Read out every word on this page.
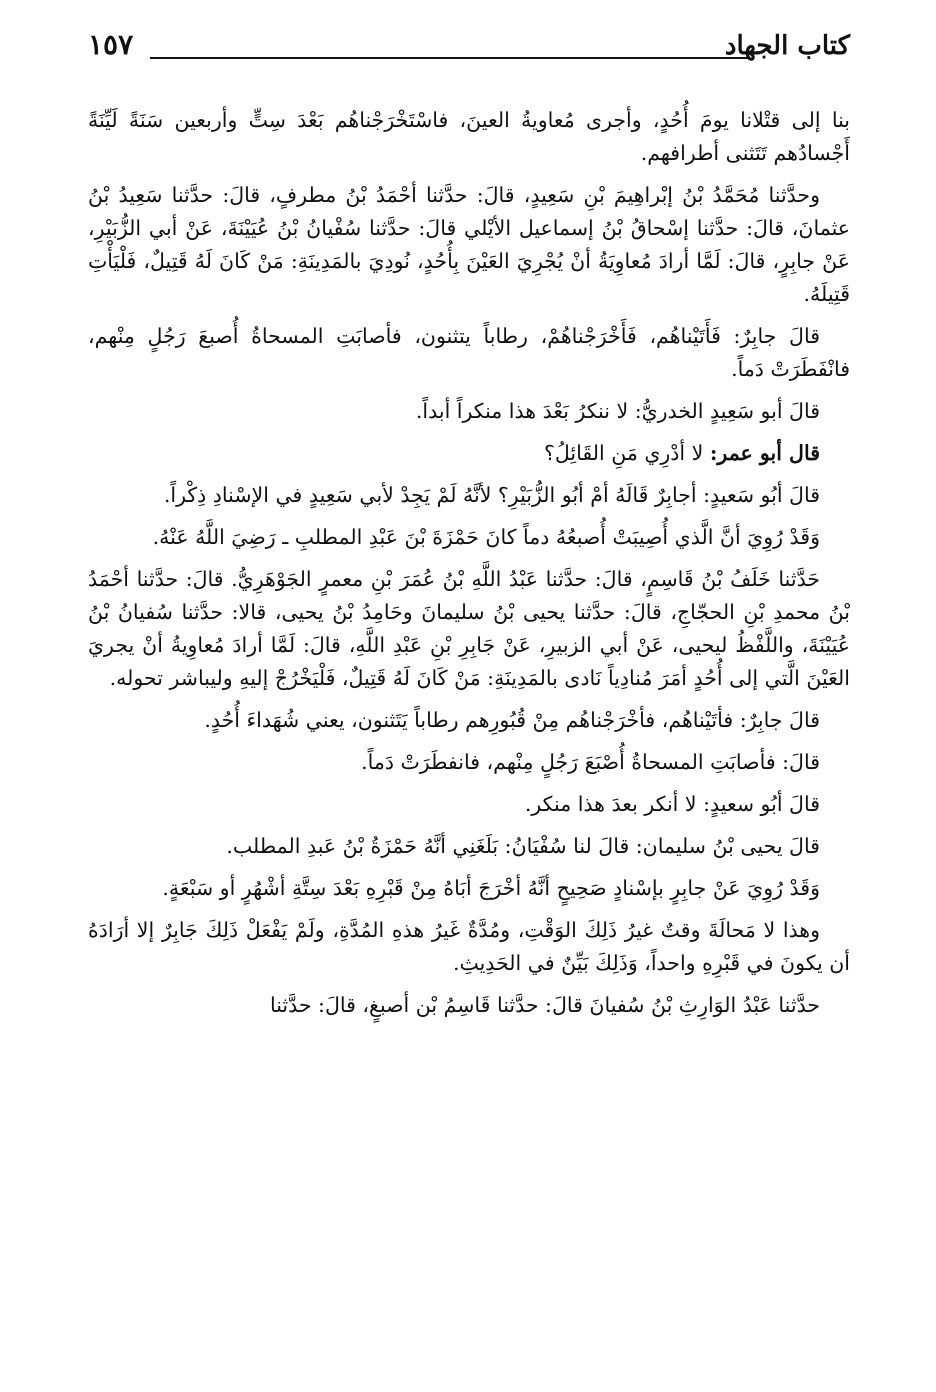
كتاب الجهاد
١٥٧

بنا إلى قتْلانا يومَ أُحُدٍ، وأجرى مُعاويةُ العينَ، فاسْتَخْرَجْناهُم بَعْدَ سِتٍّ وأربعين سَنَةً لَيِّنَةً أَجْسادُهم تَتَثنى أطرافهم.

وحدَّثنا مُحَمَّدُ بْنُ إبْراهِيمَ بْنِ سَعِيدٍ، قالَ: حدَّثنا أحْمَدُ بْنُ مطرفٍ، قالَ: حدَّثنا سَعِيدُ بْنُ عثمانَ، قالَ: حدَّثنا إسْحاقُ بْنُ إسماعيل الأيْلي قالَ: حدَّثنا سُفْيانُ بْنُ عُيَيْنَةَ، عَنْ أبي الزُّبَيْرِ، عَنْ جابِرٍ، قالَ: لَمَّا أرادَ مُعاوِيَةُ أنْ يُجْرِيَ العَيْنَ بِأُحُدٍ، نُودِيَ بالمَدِينَةِ: مَنْ كَانَ لَهُ قَتِيلٌ، فَلْيَأْتِ قَتِيلَهُ.

قالَ جابِرٌ: فَأَتَيْناهُم، فَأَخْرَجْناهُمْ، رطاباً يتثنون، فأصابَتِ المسحاةُ أُصبعَ رَجُلٍ مِنْهم، فانْفَطَرَتْ دَماً.

قالَ أبو سَعِيدٍ الخدريُّ: لا ننكرُ بَعْدَ هذا منكراً أبداً.

قال أبو عمر: لا أدْرِي مَنِ القَائِلُ؟

قالَ أبُو سَعيدٍ: أجابِرٌ قَالَهُ أمْ أبُو الزُّبَيْرِ؟ لأنَّهُ لَمْ يَجِدْ لأبي سَعِيدٍ في الإسْنادِ ذِكْراً.

وَقَدْ رُوِيَ أنَّ الَّذي أُصِيبَتْ أُصبعُهُ دماً كانَ حَمْزَةَ بْنَ عَبْدِ المطلبِ ـ رَضِيَ اللَّهُ عَنْهُ.

حَدَّثنا خَلَفُ بْنُ قَاسِمٍ، قالَ: حدَّثنا عَبْدُ اللَّهِ بْنُ عُمَرَ بْنِ معمرٍ الجَوْهَرِيُّ. قالَ: حدَّثنا أحْمَدُ بْنُ محمدِ بْنِ الحجّاجِ، قالَ: حدَّثنا يحيى بْنُ سليمانَ وحَامِدُ بْنُ يحيى، قالا: حدَّثنا سُفيانُ بْنُ عُيَيْنَةَ، واللَّفْظُ ليحيى، عَنْ أبي الزبيرِ، عَنْ جَابِرِ بْنِ عَبْدِ اللَّهِ، قالَ: لَمَّا أرادَ مُعاوِيةُ أنْ يجريَ العَيْنَ الَّتي إلى أُحُدٍ أمَرَ مُنادِياً نَادى بالمَدِينَةِ: مَنْ كَانَ لَهُ قَتِيلٌ، فَلْيَخْرُجْ إليهِ وليباشر تحوله.

قالَ جابِرٌ: فأتَيْناهُم، فأخْرَجْناهُم مِنْ قُبُورِهم رطاباً يَتَثنون، يعني شُهَداءَ أُحُدٍ.

قالَ: فأصابَتِ المسحاةُ أُصْبَعَ رَجُلٍ مِنْهم، فانفطَرَتْ دَماً.

قالَ أبُو سعيدٍ: لا أنكر بعدَ هذا منكر.

قالَ يحيى بْنُ سليمان: قالَ لنا سُفْيَانُ: بَلَغَنِي أنَّهُ حَمْزَةُ بْنُ عَبدِ المطلب.

وَقَدْ رُوِيَ عَنْ جابِرٍ بإسْنادٍ صَحِيحٍ أنَّهُ أخْرَجَ أبَاهُ مِنْ قَبْرِهِ بَعْدَ سِتَّةِ أشْهُرٍ أو سَبْعَةٍ.

وهذا لا مَحالَةَ وقتٌ غيرُ ذَلِكَ الوَقْتِ، ومُدَّةٌ غَيرُ هذهِ المُدَّةِ، ولَمْ يَفْعَلْ ذَلِكَ جَابِرٌ إلا أرَادَهُ أن يكونَ في قَبْرِهِ واحداً، وَذَلِكَ بَيِّنٌ في الحَدِيثِ.

حدَّثنا عَبْدُ الوَارِثِ بْنُ سُفيانَ قالَ: حدَّثنا قَاسِمُ بْن أصبغٍ، قالَ: حدَّثنا
